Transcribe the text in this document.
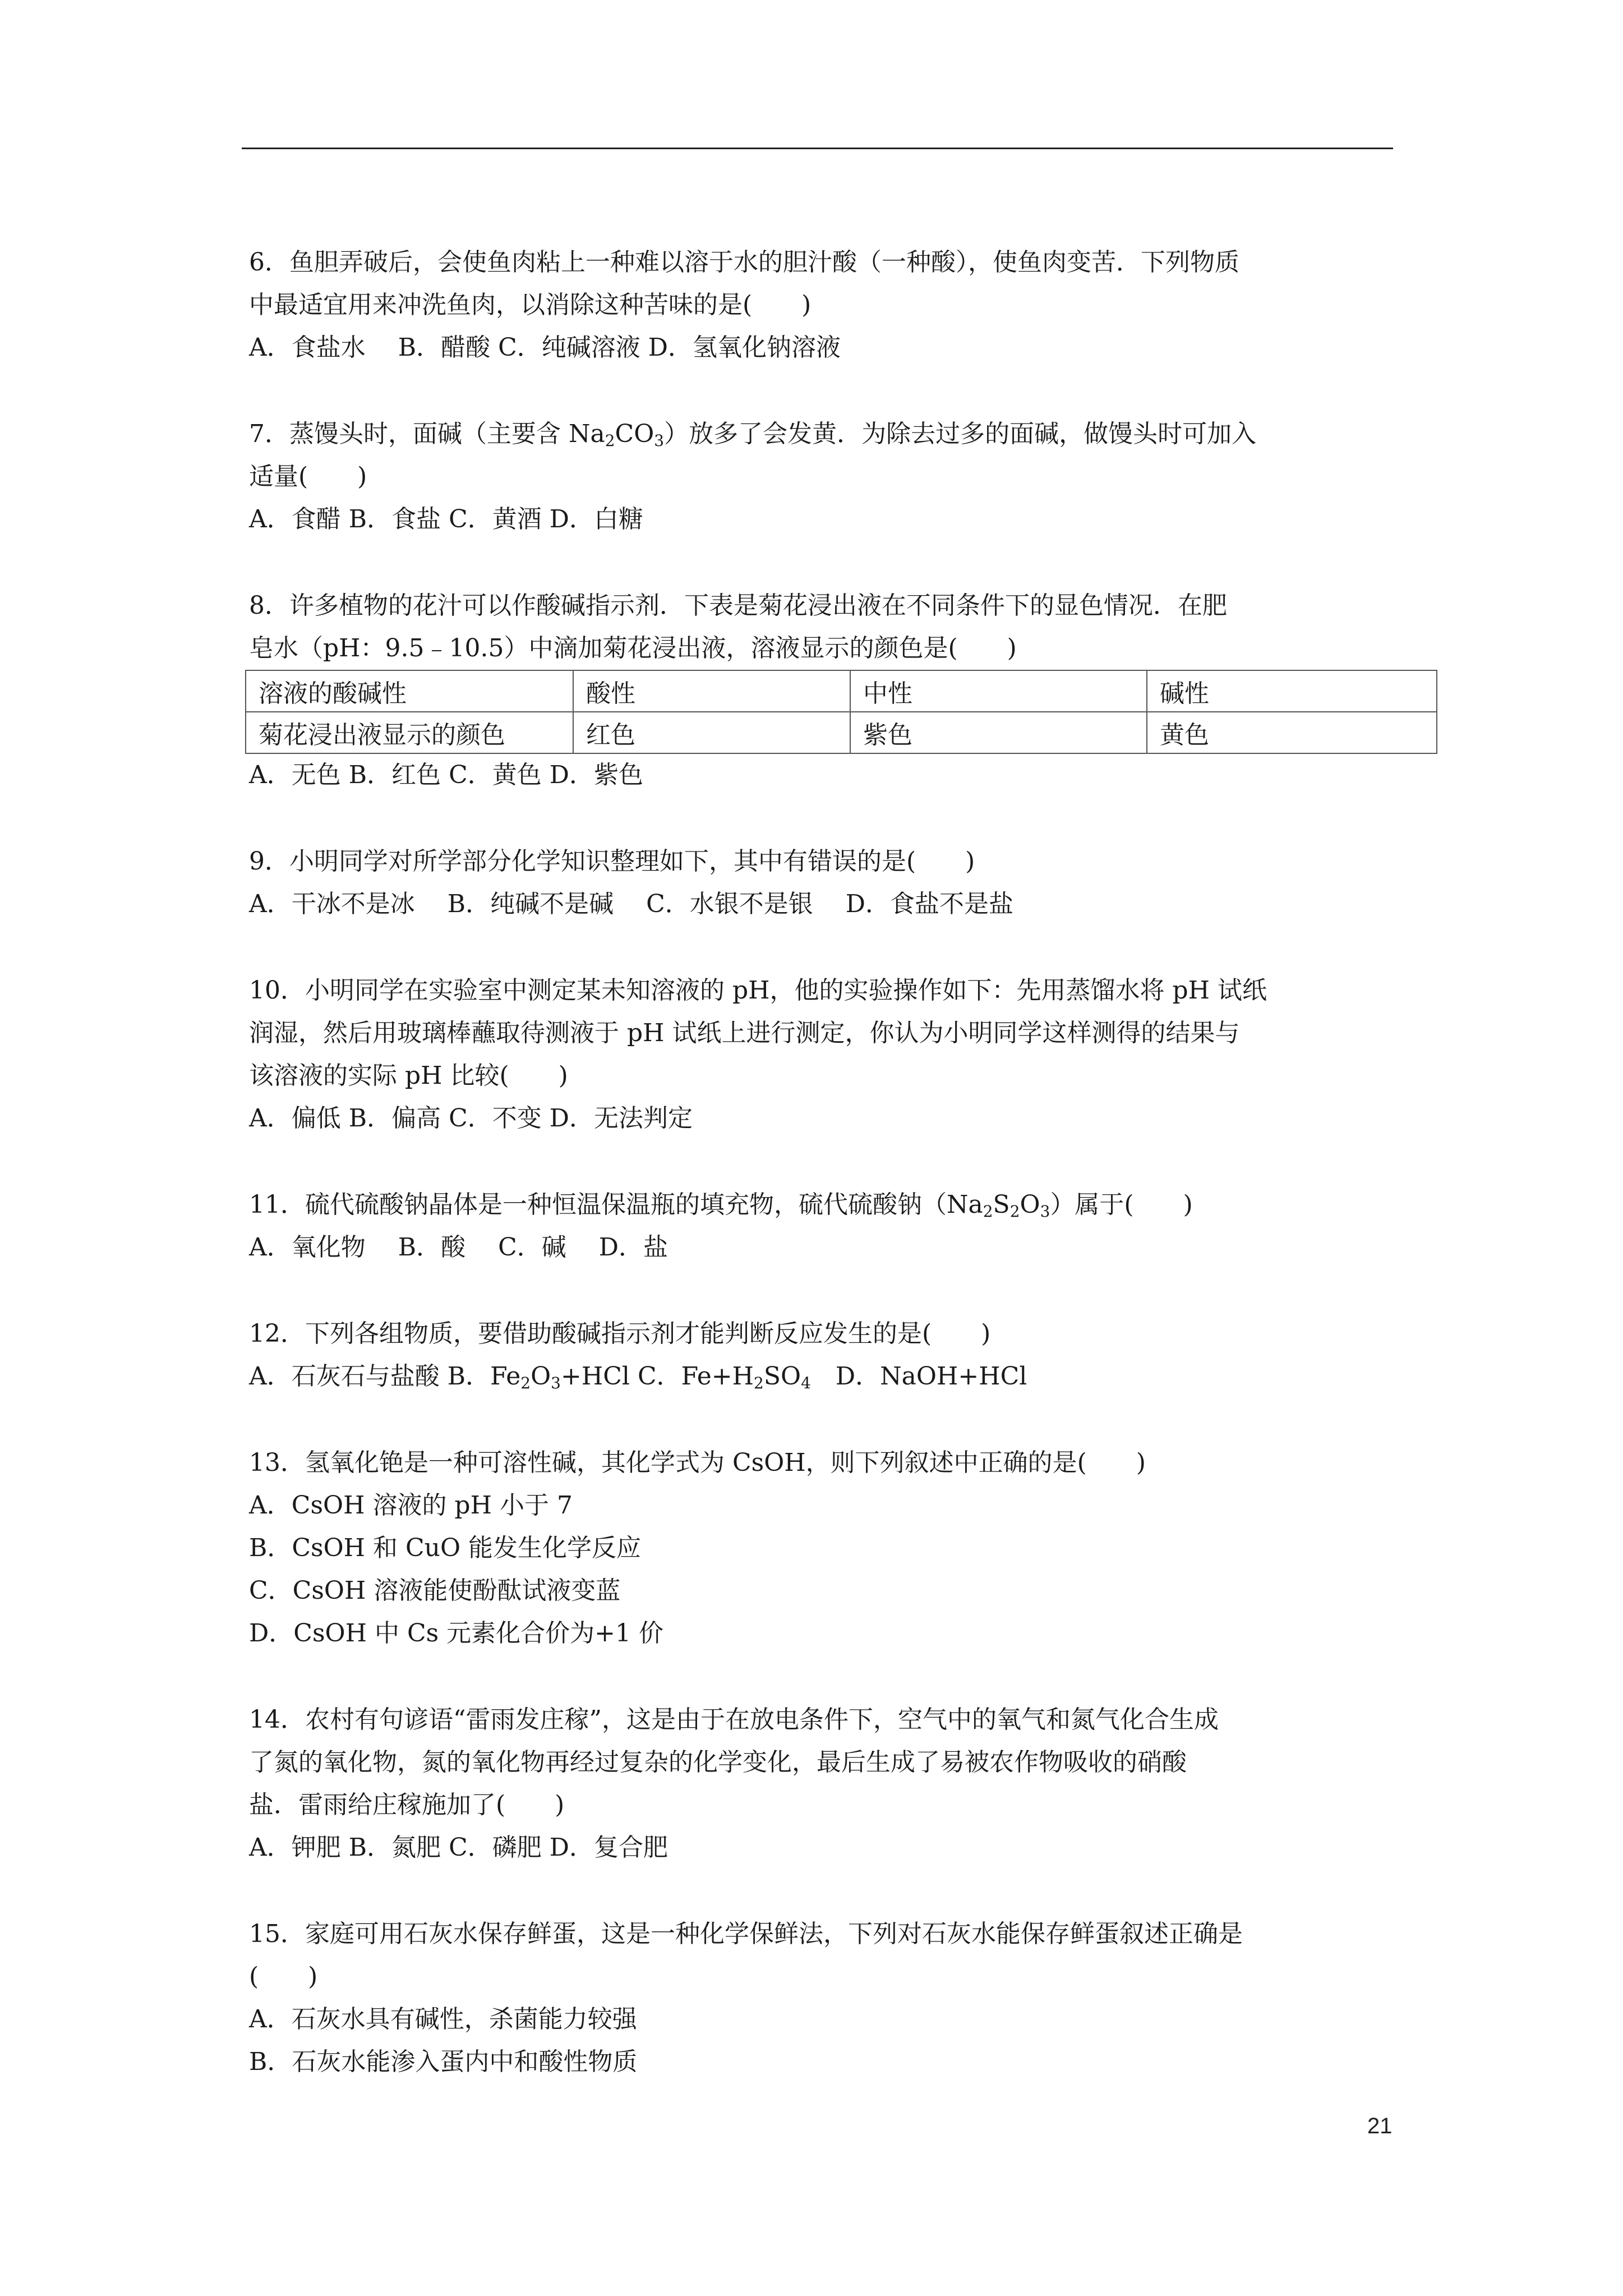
6．鱼胆弄破后，会使鱼肉粘上一种难以溶于水的胆汁酸（一种酸），使鱼肉变苦．下列物质
中最适宜用来冲洗鱼肉，以消除这种苦味的是(　　)
A．食盐水　 B．醋酸 C．纯碱溶液 D．氢氧化钠溶液
7．蒸馒头时，面碱（主要含 $Na_2CO_3$）放多了会发黄．为除去过多的面碱，做馒头时可加入
适量(　　)
A．食醋 B．食盐 C．黄酒 D．白糖
8．许多植物的花汁可以作酸碱指示剂．下表是菊花浸出液在不同条件下的显色情况．在肥
皂水（pH：9.5﹣10.5）中滴加菊花浸出液，溶液显示的颜色是(　　)
溶液的酸碱性	酸性	中性	碱性
菊花浸出液显示的颜色	红色	紫色	黄色
A．无色 B．红色 C．黄色 D．紫色
9．小明同学对所学部分化学知识整理如下，其中有错误的是(　　)
A．干冰不是冰　 B．纯碱不是碱　 C．水银不是银　 D．食盐不是盐
10．小明同学在实验室中测定某未知溶液的 pH，他的实验操作如下：先用蒸馏水将 pH 试纸
润湿，然后用玻璃棒蘸取待测液于 pH 试纸上进行测定，你认为小明同学这样测得的结果与
该溶液的实际 pH 比较(　　)
A．偏低 B．偏高 C．不变 D．无法判定
11．硫代硫酸钠晶体是一种恒温保温瓶的填充物，硫代硫酸钠$(Na_2S_2O_3)$属于(　　)
A．氧化物　 B．酸　 C．碱　 D．盐
12．下列各组物质，要借助酸碱指示剂才能判断反应发生的是(　　)
A．石灰石与盐酸 B．$Fe_2O_3+HCl$ C．$Fe+H_2SO_4$　D．NaOH+HCl
13．氢氧化铯是一种可溶性碱，其化学式为 CsOH，则下列叙述中正确的是(　　)
A．CsOH 溶液的 pH 小于 7
B．CsOH 和 CuO 能发生化学反应
C．CsOH 溶液能使酚酞试液变蓝
D．CsOH 中 Cs 元素化合价为+1 价
14．农村有句谚语“雷雨发庄稼”，这是由于在放电条件下，空气中的氧气和氮气化合生成
了氮的氧化物，氮的氧化物再经过复杂的化学变化，最后生成了易被农作物吸收的硝酸
盐．雷雨给庄稼施加了(　　)
A．钾肥 B．氮肥 C．磷肥 D．复合肥
15．家庭可用石灰水保存鲜蛋，这是一种化学保鲜法，下列对石灰水能保存鲜蛋叙述正确是
(　　)
A．石灰水具有碱性，杀菌能力较强
B．石灰水能渗入蛋内中和酸性物质
21
